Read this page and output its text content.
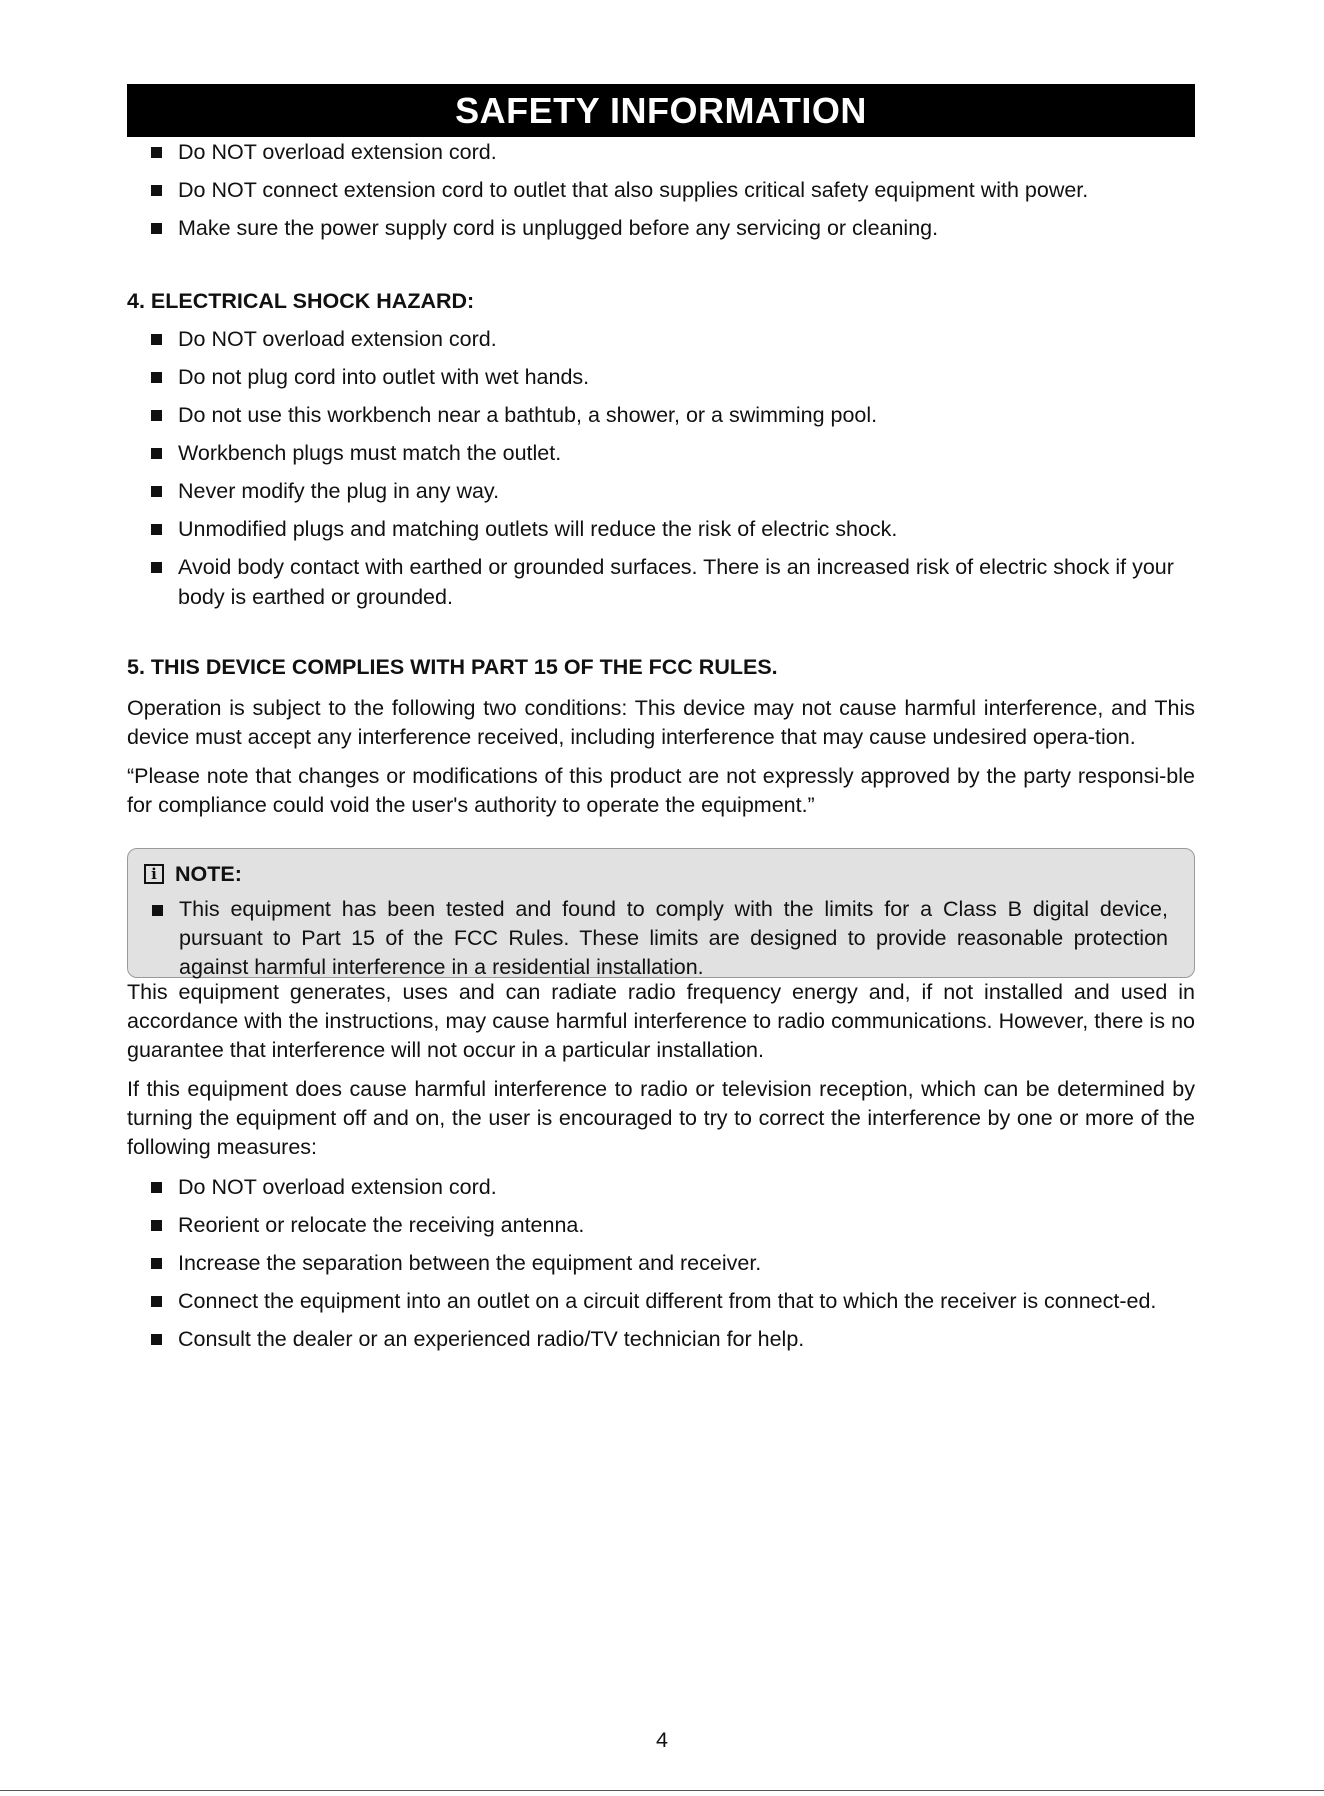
SAFETY INFORMATION
Do NOT overload extension cord.
Do NOT connect extension cord to outlet that also supplies critical safety equipment with power.
Make sure the power supply cord is unplugged before any servicing or cleaning.
4. ELECTRICAL SHOCK HAZARD:
Do NOT overload extension cord.
Do not plug cord into outlet with wet hands.
Do not use this workbench near a bathtub, a shower, or a swimming pool.
Workbench plugs must match the outlet.
Never modify the plug in any way.
Unmodified plugs and matching outlets will reduce the risk of electric shock.
Avoid body contact with earthed or grounded surfaces. There is an increased risk of electric shock if your body is earthed or grounded.
5. THIS DEVICE COMPLIES WITH PART 15 OF THE FCC RULES.

Operation is subject to the following two conditions: This device may not cause harmful interference, and This device must accept any interference received, including interference that may cause undesired opera-tion.

“Please note that changes or modifications of this product are not expressly approved by the party responsi-ble for compliance could void the user's authority to operate the equipment.”

i NOTE:
This equipment has been tested and found to comply with the limits for a Class B digital device, pursuant to Part 15 of the FCC Rules. These limits are designed to provide reasonable protection against harmful interference in a residential installation.

This equipment generates, uses and can radiate radio frequency energy and, if not installed and used in accordance with the instructions, may cause harmful interference to radio communications. However, there is no guarantee that interference will not occur in a particular installation.

If this equipment does cause harmful interference to radio or television reception, which can be determined by turning the equipment off and on, the user is encouraged to try to correct the interference by one or more of the following measures:

Do NOT overload extension cord.
Reorient or relocate the receiving antenna.
Increase the separation between the equipment and receiver.
Connect the equipment into an outlet on a circuit different from that to which the receiver is connect-ed.
Consult the dealer or an experienced radio/TV technician for help.
4
